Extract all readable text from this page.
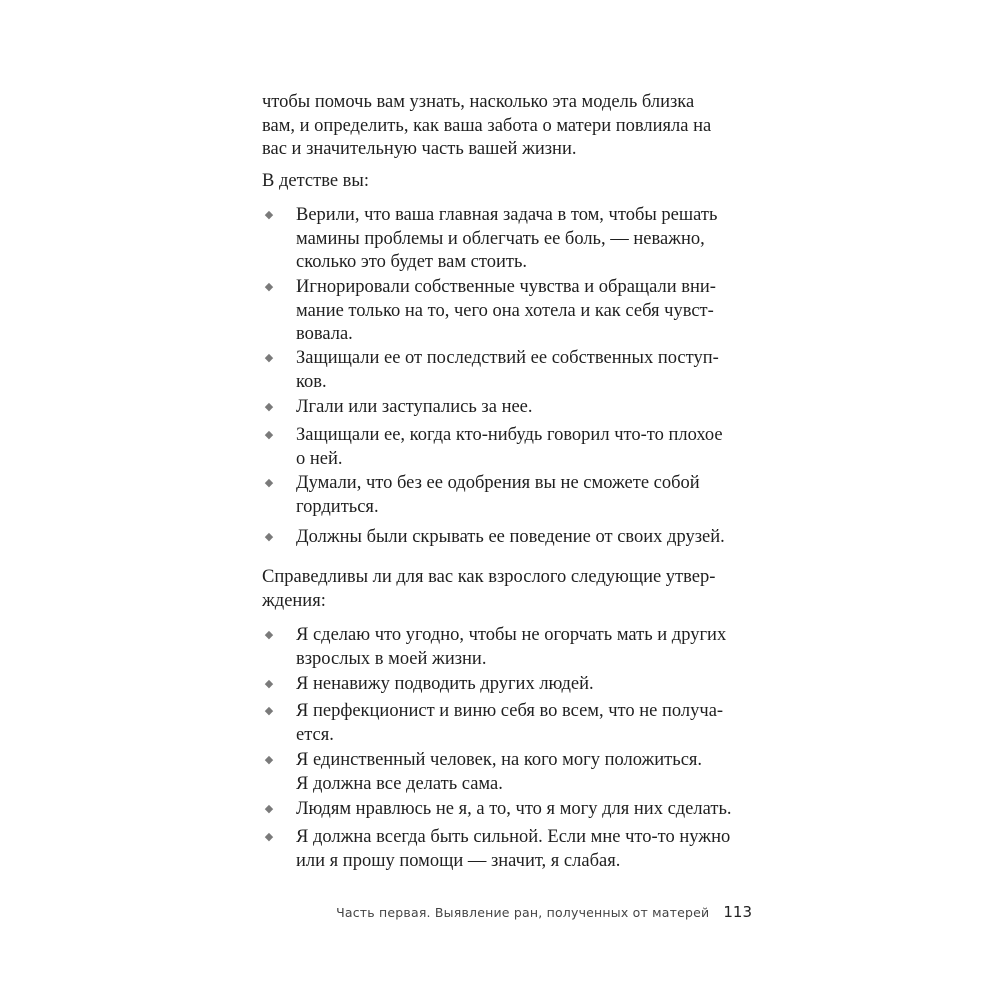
чтобы помочь вам узнать, насколько эта модель близка
вам, и определить, как ваша забота о матери повлияла на
вас и значительную часть вашей жизни.

В детстве вы:

◆ Верили, что ваша главная задача в том, чтобы решать
мамины проблемы и облегчать ее боль, — неважно,
сколько это будет вам стоить.
◆ Игнорировали собственные чувства и обращали вни-
мание только на то, чего она хотела и как себя чувст-
вовала.
◆ Защищали ее от последствий ее собственных поступ-
ков.
◆ Лгали или заступались за нее.
◆ Защищали ее, когда кто-нибудь говорил что-то плохое
о ней.
◆ Думали, что без ее одобрения вы не сможете собой
гордиться.
◆ Должны были скрывать ее поведение от своих друзей.

Справедливы ли для вас как взрослого следующие утвер-
ждения:

◆ Я сделаю что угодно, чтобы не огорчать мать и других
взрослых в моей жизни.
◆ Я ненавижу подводить других людей.
◆ Я перфекционист и виню себя во всем, что не получа-
ется.
◆ Я единственный человек, на кого могу положиться.
Я должна все делать сама.
◆ Людям нравлюсь не я, а то, что я могу для них сделать.
◆ Я должна всегда быть сильной. Если мне что-то нужно
или я прошу помощи — значит, я слабая.
Часть первая. Выявление ран, полученных от матерей 113
